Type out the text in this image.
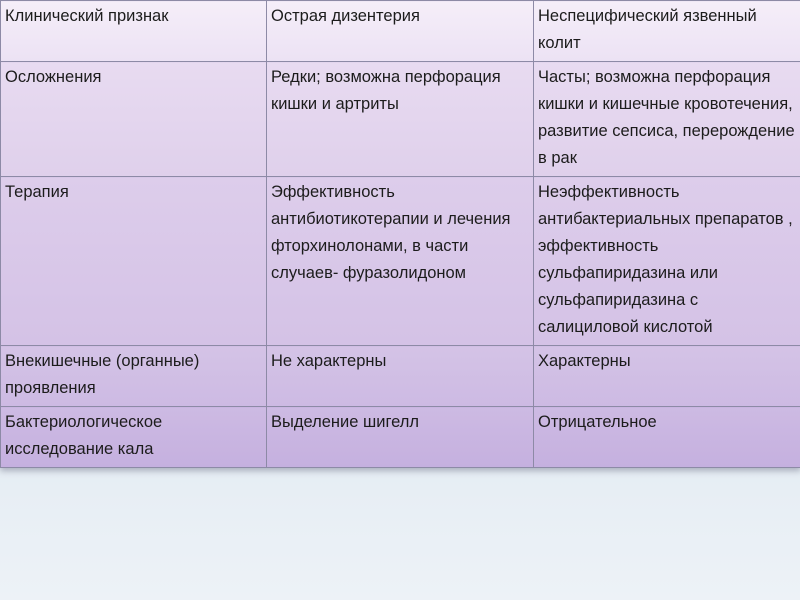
Клинический признак	Острая дизентерия	Неспецифический язвенный колит
Осложнения	Редки; возможна перфорация кишки и артриты	Часты; возможна перфорация кишки и кишечные кровотечения, развитие сепсиса, перерождение в рак
Терапия	Эффективность антибиотикотерапии и лечения фторхинолонами, в части случаев- фуразолидоном	Неэффективность антибактериальных препаратов , эффективность сульфапиридазина или сульфапиридазина с салициловой кислотой
Внекишечные (органные) проявления	Не характерны	Характерны
Бактериологическое исследование кала	Выделение шигелл	Отрицательное
